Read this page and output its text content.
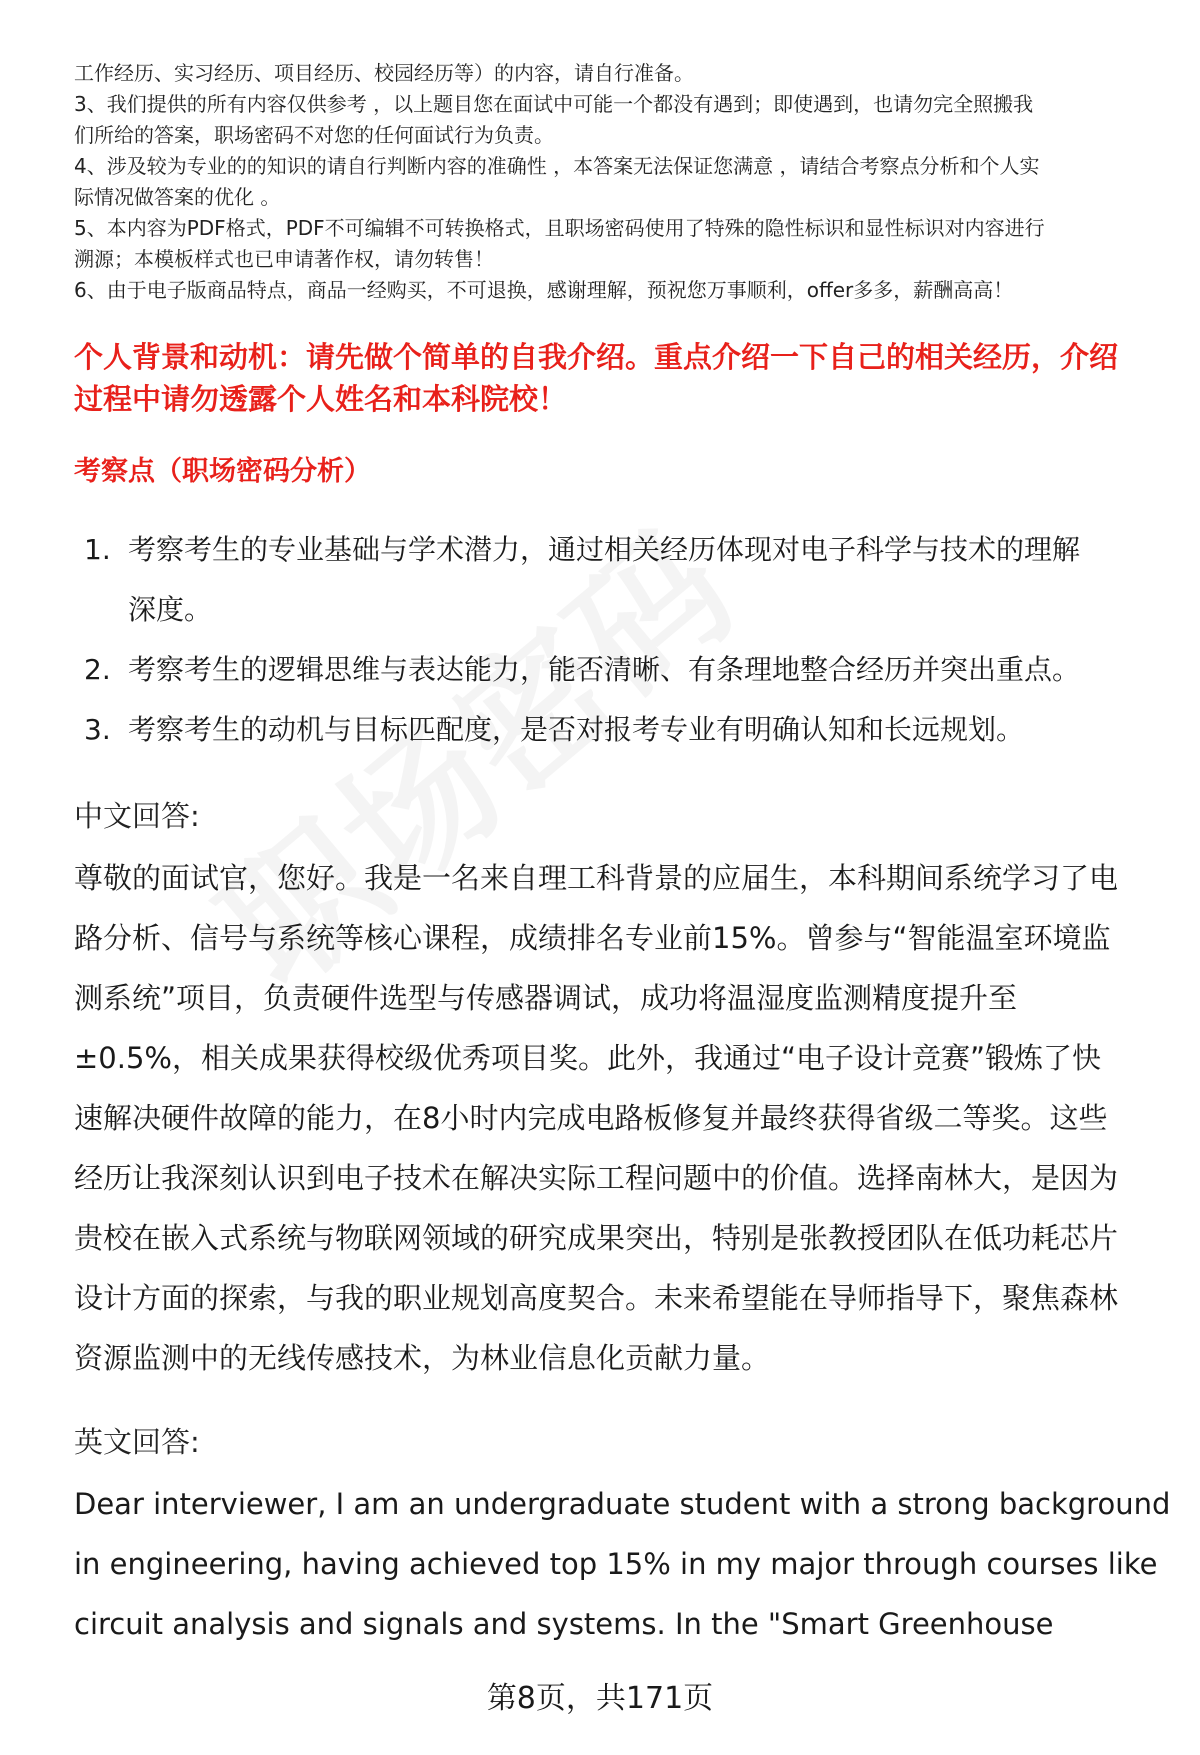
工作经历、实习经历、项目经历、校园经历等）的内容，请自行准备。
3、我们提供的所有内容仅供参考 ，以上题目您在面试中可能一个都没有遇到；即使遇到，也请勿完全照搬我
们所给的答案，职场密码不对您的任何面试行为负责。
4、涉及较为专业的的知识的请自行判断内容的准确性 ，本答案无法保证您满意 ，请结合考察点分析和个人实
际情况做答案的优化 。
5、本内容为PDF格式，PDF不可编辑不可转换格式，且职场密码使用了特殊的隐性标识和显性标识对内容进行
溯源；本模板样式也已申请著作权，请勿转售！
6、由于电子版商品特点，商品一经购买，不可退换，感谢理解，预祝您万事顺利，offer多多，薪酬高高！
个人背景和动机：请先做个简单的自我介绍。重点介绍一下自己的相关经历，介绍
过程中请勿透露个人姓名和本科院校！
考察点（职场密码分析）
1. 考察考生的专业基础与学术潜力，通过相关经历体现对电子科学与技术的理解
深度。
2. 考察考生的逻辑思维与表达能力，能否清晰、有条理地整合经历并突出重点。
3. 考察考生的动机与目标匹配度，是否对报考专业有明确认知和长远规划。
中文回答:
尊敬的面试官，您好。我是一名来自理工科背景的应届生，本科期间系统学习了电
路分析、信号与系统等核心课程，成绩排名专业前15%。曾参与“智能温室环境监
测系统”项目，负责硬件选型与传感器调试，成功将温湿度监测精度提升至
±0.5%，相关成果获得校级优秀项目奖。此外，我通过“电子设计竞赛”锻炼了快
速解决硬件故障的能力，在8小时内完成电路板修复并最终获得省级二等奖。这些
经历让我深刻认识到电子技术在解决实际工程问题中的价值。选择南林大，是因为
贵校在嵌入式系统与物联网领域的研究成果突出，特别是张教授团队在低功耗芯片
设计方面的探索，与我的职业规划高度契合。未来希望能在导师指导下，聚焦森林
资源监测中的无线传感技术，为林业信息化贡献力量。
英文回答:
Dear interviewer, I am an undergraduate student with a strong background
in engineering, having achieved top 15% in my major through courses like
circuit analysis and signals and systems. In the "Smart Greenhouse
第8页，共171页
